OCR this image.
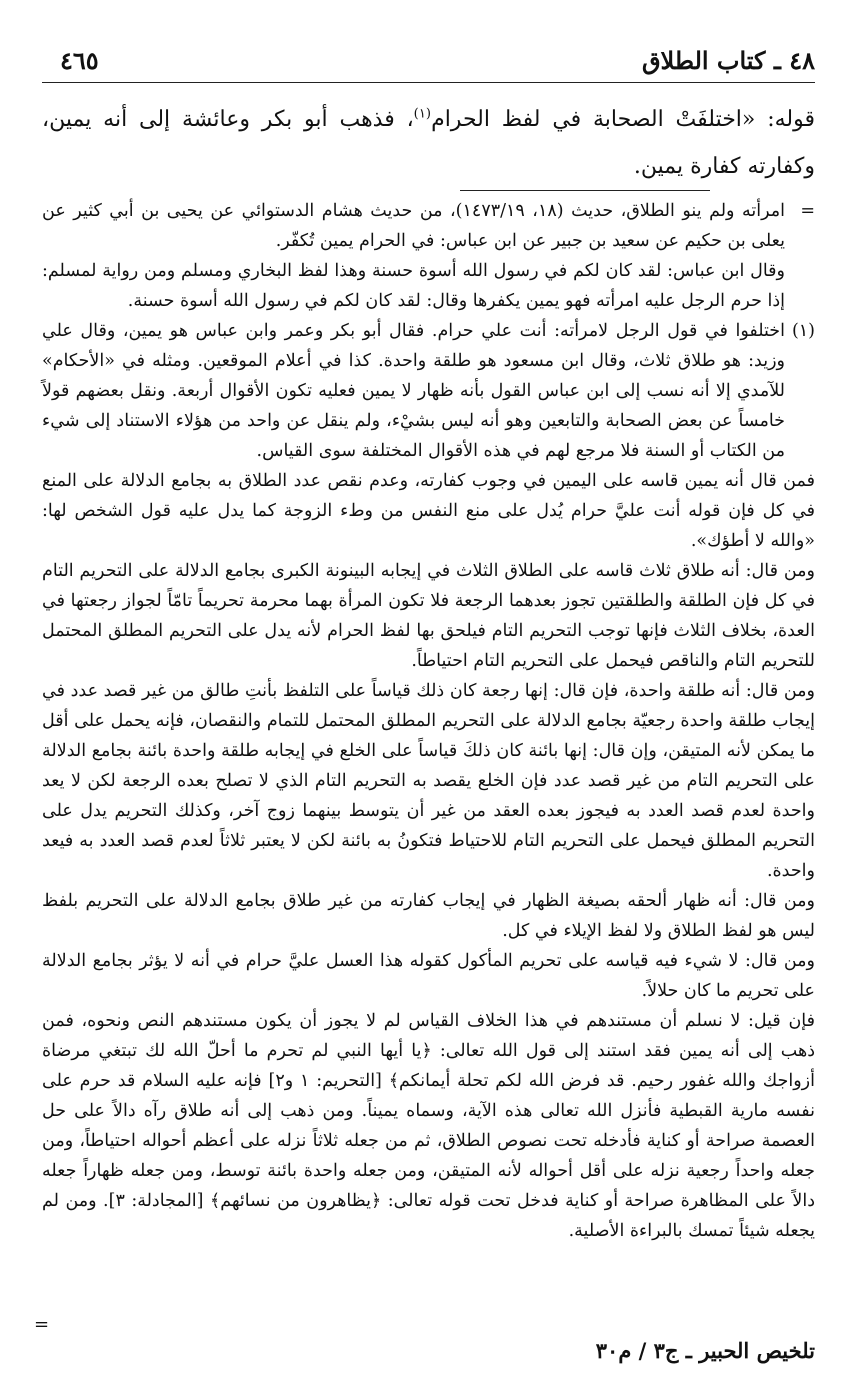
٤٨ ـ كتاب الطلاق
٤٦٥

قوله: «اختلفَتْ الصحابة في لفظ الحرام$^{(١)}$، فذهب أبو بكر وعائشة إلى أنه يمين، وكفارته كفارة يمين.

=

امرأته ولم ينو الطلاق، حديث (١٨، ١٤٧٣/١٩)، من حديث هشام الدستوائي عن يحيى بن أبي كثير عن يعلى بن حكيم عن سعيد بن جبير عن ابن عباس: في الحرام يمين تُكفّر.

وقال ابن عباس: لقد كان لكم في رسول الله أسوة حسنة وهذا لفظ البخاري ومسلم ومن رواية لمسلم: إذا حرم الرجل عليه امرأته فهو يمين يكفرها وقال: لقد كان لكم في رسول الله أسوة حسنة.

(١)

اختلفوا في قول الرجل لامرأته: أنت علي حرام. فقال أبو بكر وعمر وابن عباس هو يمين، وقال علي وزيد: هو طلاق ثلاث، وقال ابن مسعود هو طلقة واحدة. كذا في أعلام الموقعين. ومثله في «الأحكام» للآمدي إلا أنه نسب إلى ابن عباس القول بأنه ظهار لا يمين فعليه تكون الأقوال أربعة. ونقل بعضهم قولاً خامساً عن بعض الصحابة والتابعين وهو أنه ليس بشيْء، ولم ينقل عن واحد من هؤلاء الاستناد إلى شيء من الكتاب أو السنة فلا مرجع لهم في هذه الأقوال المختلفة سوى القياس.

فمن قال أنه يمين قاسه على اليمين في وجوب كفارته، وعدم نقص عدد الطلاق به بجامع الدلالة على المنع في كل فإن قوله أنت عليَّ حرام يُدل على منع النفس من وطء الزوجة كما يدل عليه قول الشخص لها: «والله لا أطؤك».

ومن قال: أنه طلاق ثلاث قاسه على الطلاق الثلاث في إيجابه البينونة الكبرى بجامع الدلالة على التحريم التام في كل فإن الطلقة والطلقتين تجوز بعدهما الرجعة فلا تكون المرأة بهما محرمة تحريماً تامّاً لجواز رجعتها في العدة، بخلاف الثلاث فإنها توجب التحريم التام فيلحق بها لفظ الحرام لأنه يدل على التحريم المطلق المحتمل للتحريم التام والناقص فيحمل على التحريم التام احتياطاً.

ومن قال: أنه طلقة واحدة، فإن قال: إنها رجعة كان ذلك قياساً على التلفظ بأنتِ طالق من غير قصد عدد في إيجاب طلقة واحدة رجعيّة بجامع الدلالة على التحريم المطلق المحتمل للتمام والنقصان، فإنه يحمل على أقل ما يمكن لأنه المتيقن، وإن قال: إنها بائنة كان ذلكَ قياساً على الخلع في إيجابه طلقة واحدة بائنة بجامع الدلالة على التحريم التام من غير قصد عدد فإن الخلع يقصد به التحريم التام الذي لا تصلح بعده الرجعة لكن لا يعد واحدة لعدم قصد العدد به فيجوز بعده العقد من غير أن يتوسط بينهما زوج آخر، وكذلك التحريم يدل على التحريم المطلق فيحمل على التحريم التام للاحتياط فتكونُ به بائنة لكن لا يعتبر ثلاثاً لعدم قصد العدد به فيعد واحدة.

ومن قال: أنه ظهار ألحقه بصيغة الظهار في إيجاب كفارته من غير طلاق بجامع الدلالة على التحريم بلفظ ليس هو لفظ الطلاق ولا لفظ الإيلاء في كل.

ومن قال: لا شيء فيه قياسه على تحريم المأكول كقوله هذا العسل عليَّ حرام في أنه لا يؤثر بجامع الدلالة على تحريم ما كان حلالاً.

فإن قيل: لا نسلم أن مستندهم في هذا الخلاف القياس لم لا يجوز أن يكون مستندهم النص ونحوه، فمن ذهب إلى أنه يمين فقد استند إلى قول الله تعالى: ﴿يا أيها النبي لم تحرم ما أحلّ الله لك تبتغي مرضاة أزواجك والله غفور رحيم. قد فرض الله لكم تحلة أيمانكم﴾ [التحريم: ١ و٢] فإنه عليه السلام قد حرم على نفسه مارية القبطية فأنزل الله تعالى هذه الآية، وسماه يميناً. ومن ذهب إلى أنه طلاق رآه دالاً على حل العصمة صراحة أو كناية فأدخله تحت نصوص الطلاق، ثم من جعله ثلاثاً نزله على أعظم أحواله احتياطاً، ومن جعله واحداً رجعية نزله على أقل أحواله لأنه المتيقن، ومن جعله واحدة بائنة توسط، ومن جعله ظهاراً جعله دالاً على المظاهرة صراحة أو كناية فدخل تحت قوله تعالى: ﴿يظاهرون من نسائهم﴾ [المجادلة: ٣]. ومن لم يجعله شيئاً تمسك بالبراءة الأصلية.

=
تلخيص الحبير ـ ج٣ / م٣٠
